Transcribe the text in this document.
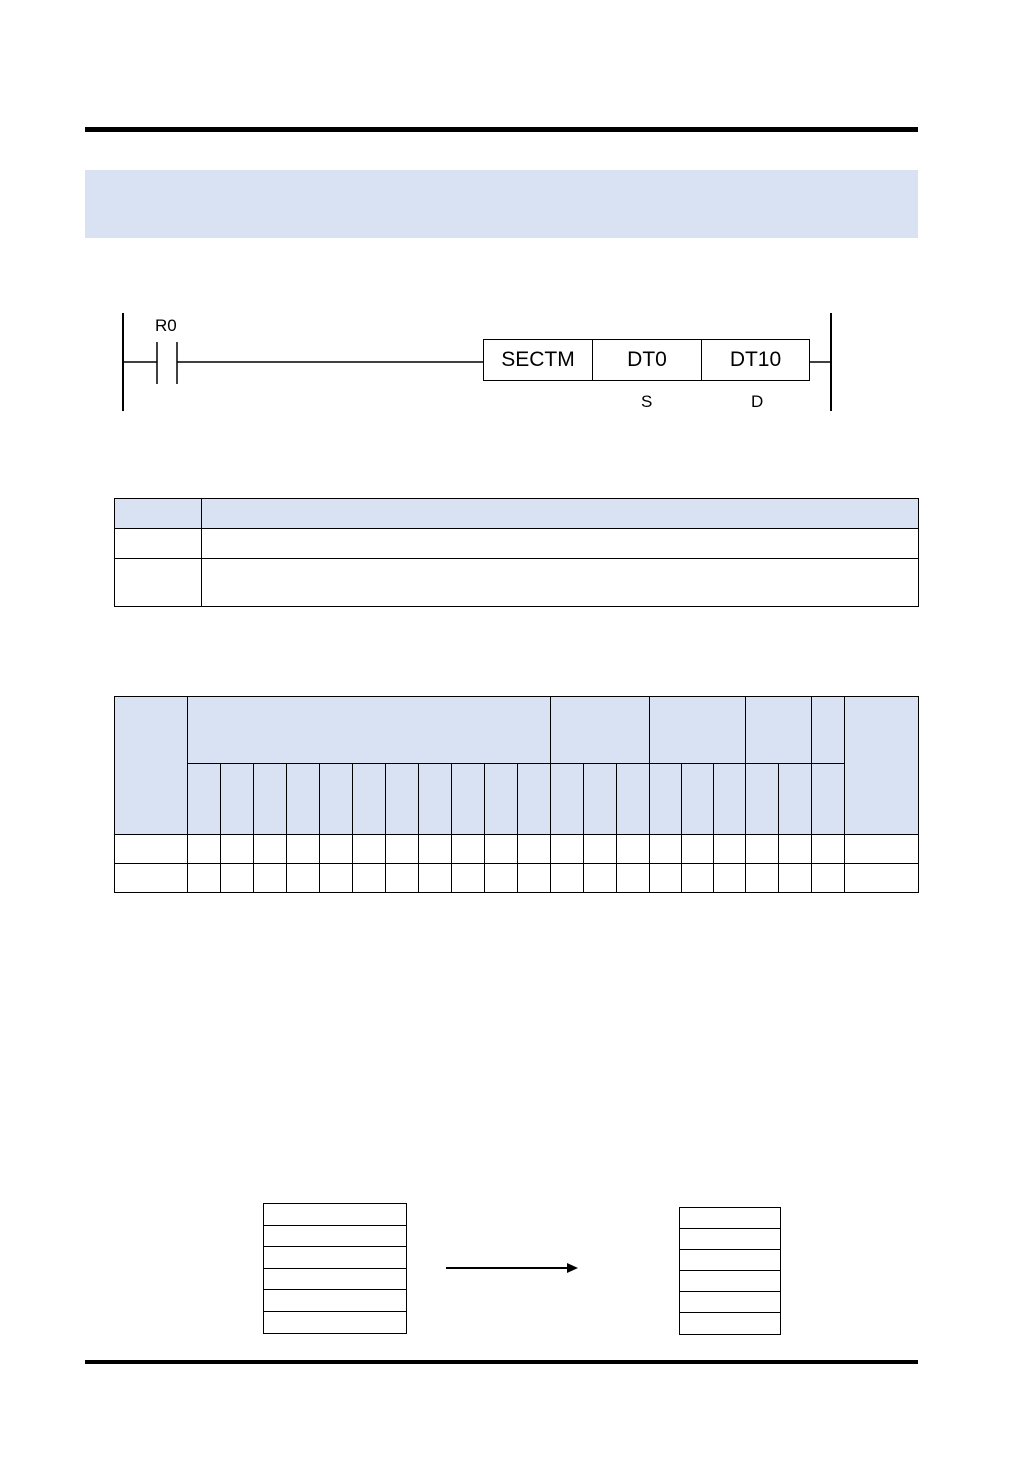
R0
SECTM	DT0	DT10
S	D
